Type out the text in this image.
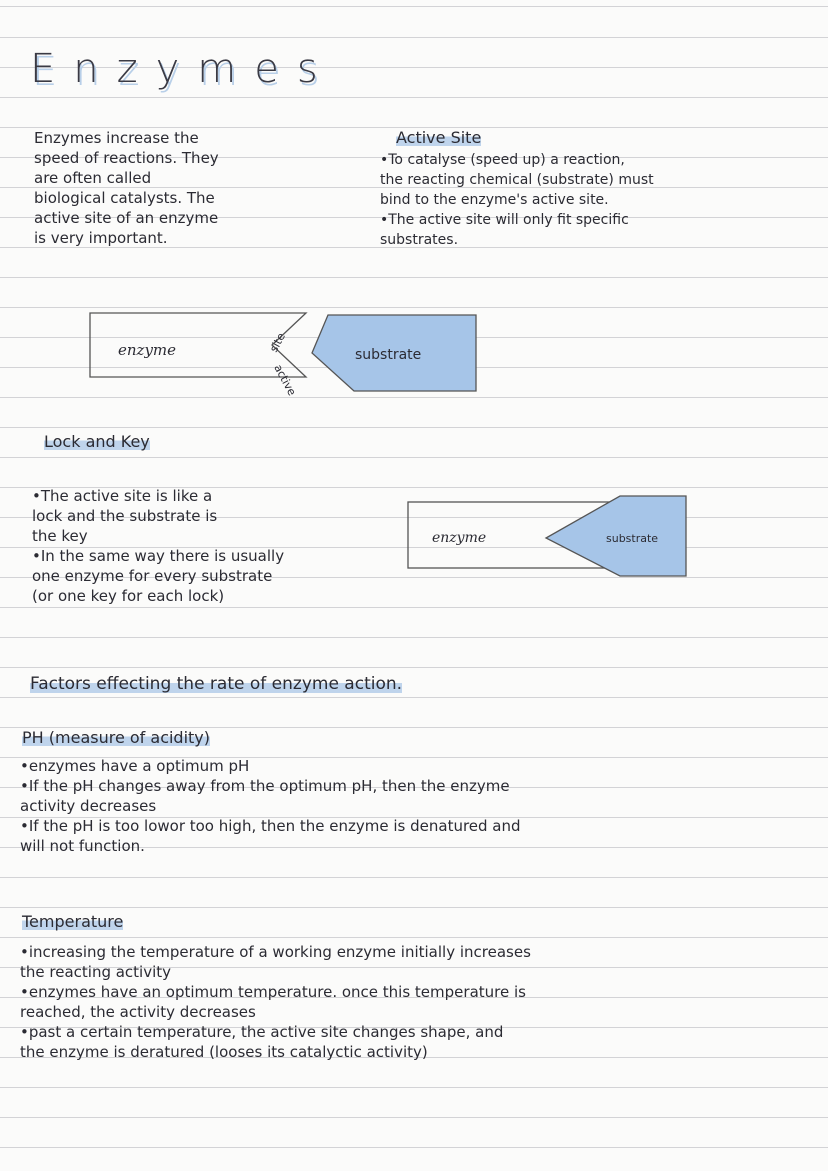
Enzymes
Enzymes increase the
speed of reactions. They
are often called
biological catalysts. The
active site of an enzyme
is very important.
Active Site
•To catalyse (speed up) a reaction,
the reacting chemical (substrate) must
bind to the enzyme's active site.
•The active site will only fit specific
substrates.
enzyme	site
active
substrate
Lock and Key
•The active site is like a
lock and the substrate is
the key
•In the same way there is usually
one enzyme for every substrate
(or one key for each lock)
enzyme	substrate
Factors effecting the rate of enzyme action.
PH (measure of acidity)
•enzymes have a optimum pH
•If the pH changes away from the optimum pH, then the enzyme
activity decreases
•If the pH is too lowor too high, then the enzyme is denatured and
will not function.
Temperature
•increasing the temperature of a working enzyme initially increases
the reacting activity
•enzymes have an optimum temperature. once this temperature is
reached, the activity decreases
•past a certain temperature, the active site changes shape, and
the enzyme is deratured (looses its catalyctic activity)
